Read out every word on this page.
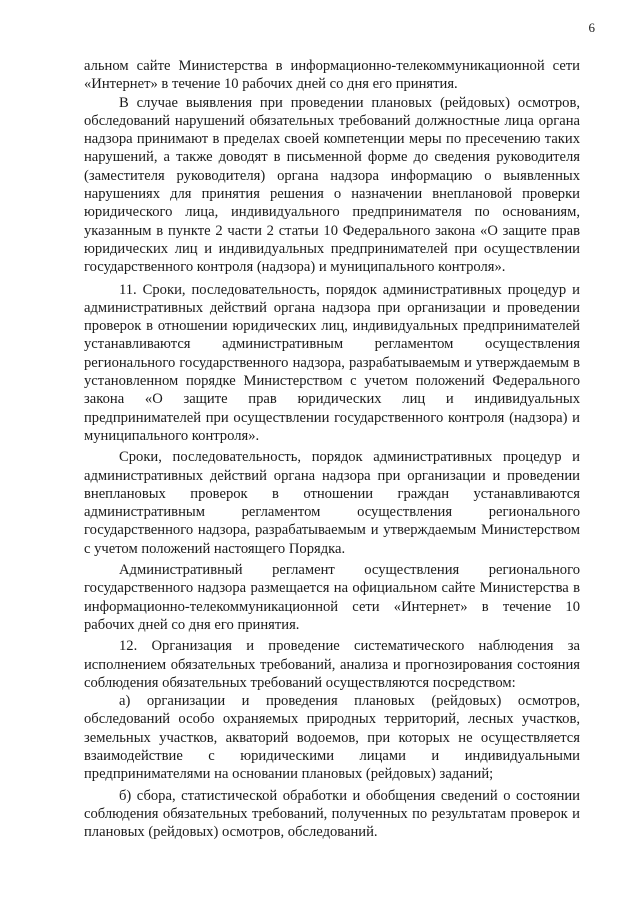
6

альном сайте Министерства в информационно-телекоммуникационной сети «Интернет» в течение 10 рабочих дней со дня его принятия.

В случае выявления при проведении плановых (рейдовых) осмотров, обследований нарушений обязательных требований должностные лица органа надзора принимают в пределах своей компетенции меры по пресечению таких нарушений, а также доводят в письменной форме до сведения руководителя (заместителя руководителя) органа надзора информацию о выявленных нарушениях для принятия решения о назначении внеплановой проверки юридического лица, индивидуального предпринимателя по основаниям, указанным в пункте 2 части 2 статьи 10 Федерального закона «О защите прав юридических лиц и индивидуальных предпринимателей при осуществлении государственного контроля (надзора) и муниципального контроля».

11. Сроки, последовательность, порядок административных процедур и административных действий органа надзора при организации и проведении проверок в отношении юридических лиц, индивидуальных предпринимателей устанавливаются административным регламентом осуществления регионального государственного надзора, разрабатываемым и утверждаемым в установленном порядке Министерством с учетом положений Федерального закона «О защите прав юридических лиц и индивидуальных предпринимателей при осуществлении государственного контроля (надзора) и муниципального контроля».

Сроки, последовательность, порядок административных процедур и административных действий органа надзора при организации и проведении внеплановых проверок в отношении граждан устанавливаются административным регламентом осуществления регионального государственного надзора, разрабатываемым и утверждаемым Министерством с учетом положений настоящего Порядка.

Административный регламент осуществления регионального государственного надзора размещается на официальном сайте Министерства в информационно-телекоммуникационной сети «Интернет» в течение 10 рабочих дней со дня его принятия.

12. Организация и проведение систематического наблюдения за исполнением обязательных требований, анализа и прогнозирования состояния соблюдения обязательных требований осуществляются посредством:

а) организации и проведения плановых (рейдовых) осмотров, обследований особо охраняемых природных территорий, лесных участков, земельных участков, акваторий водоемов, при которых не осуществляется взаимодействие с юридическими лицами и индивидуальными предпринимателями на основании плановых (рейдовых) заданий;

б) сбора, статистической обработки и обобщения сведений о состоянии соблюдения обязательных требований, полученных по результатам проверок и плановых (рейдовых) осмотров, обследований.
